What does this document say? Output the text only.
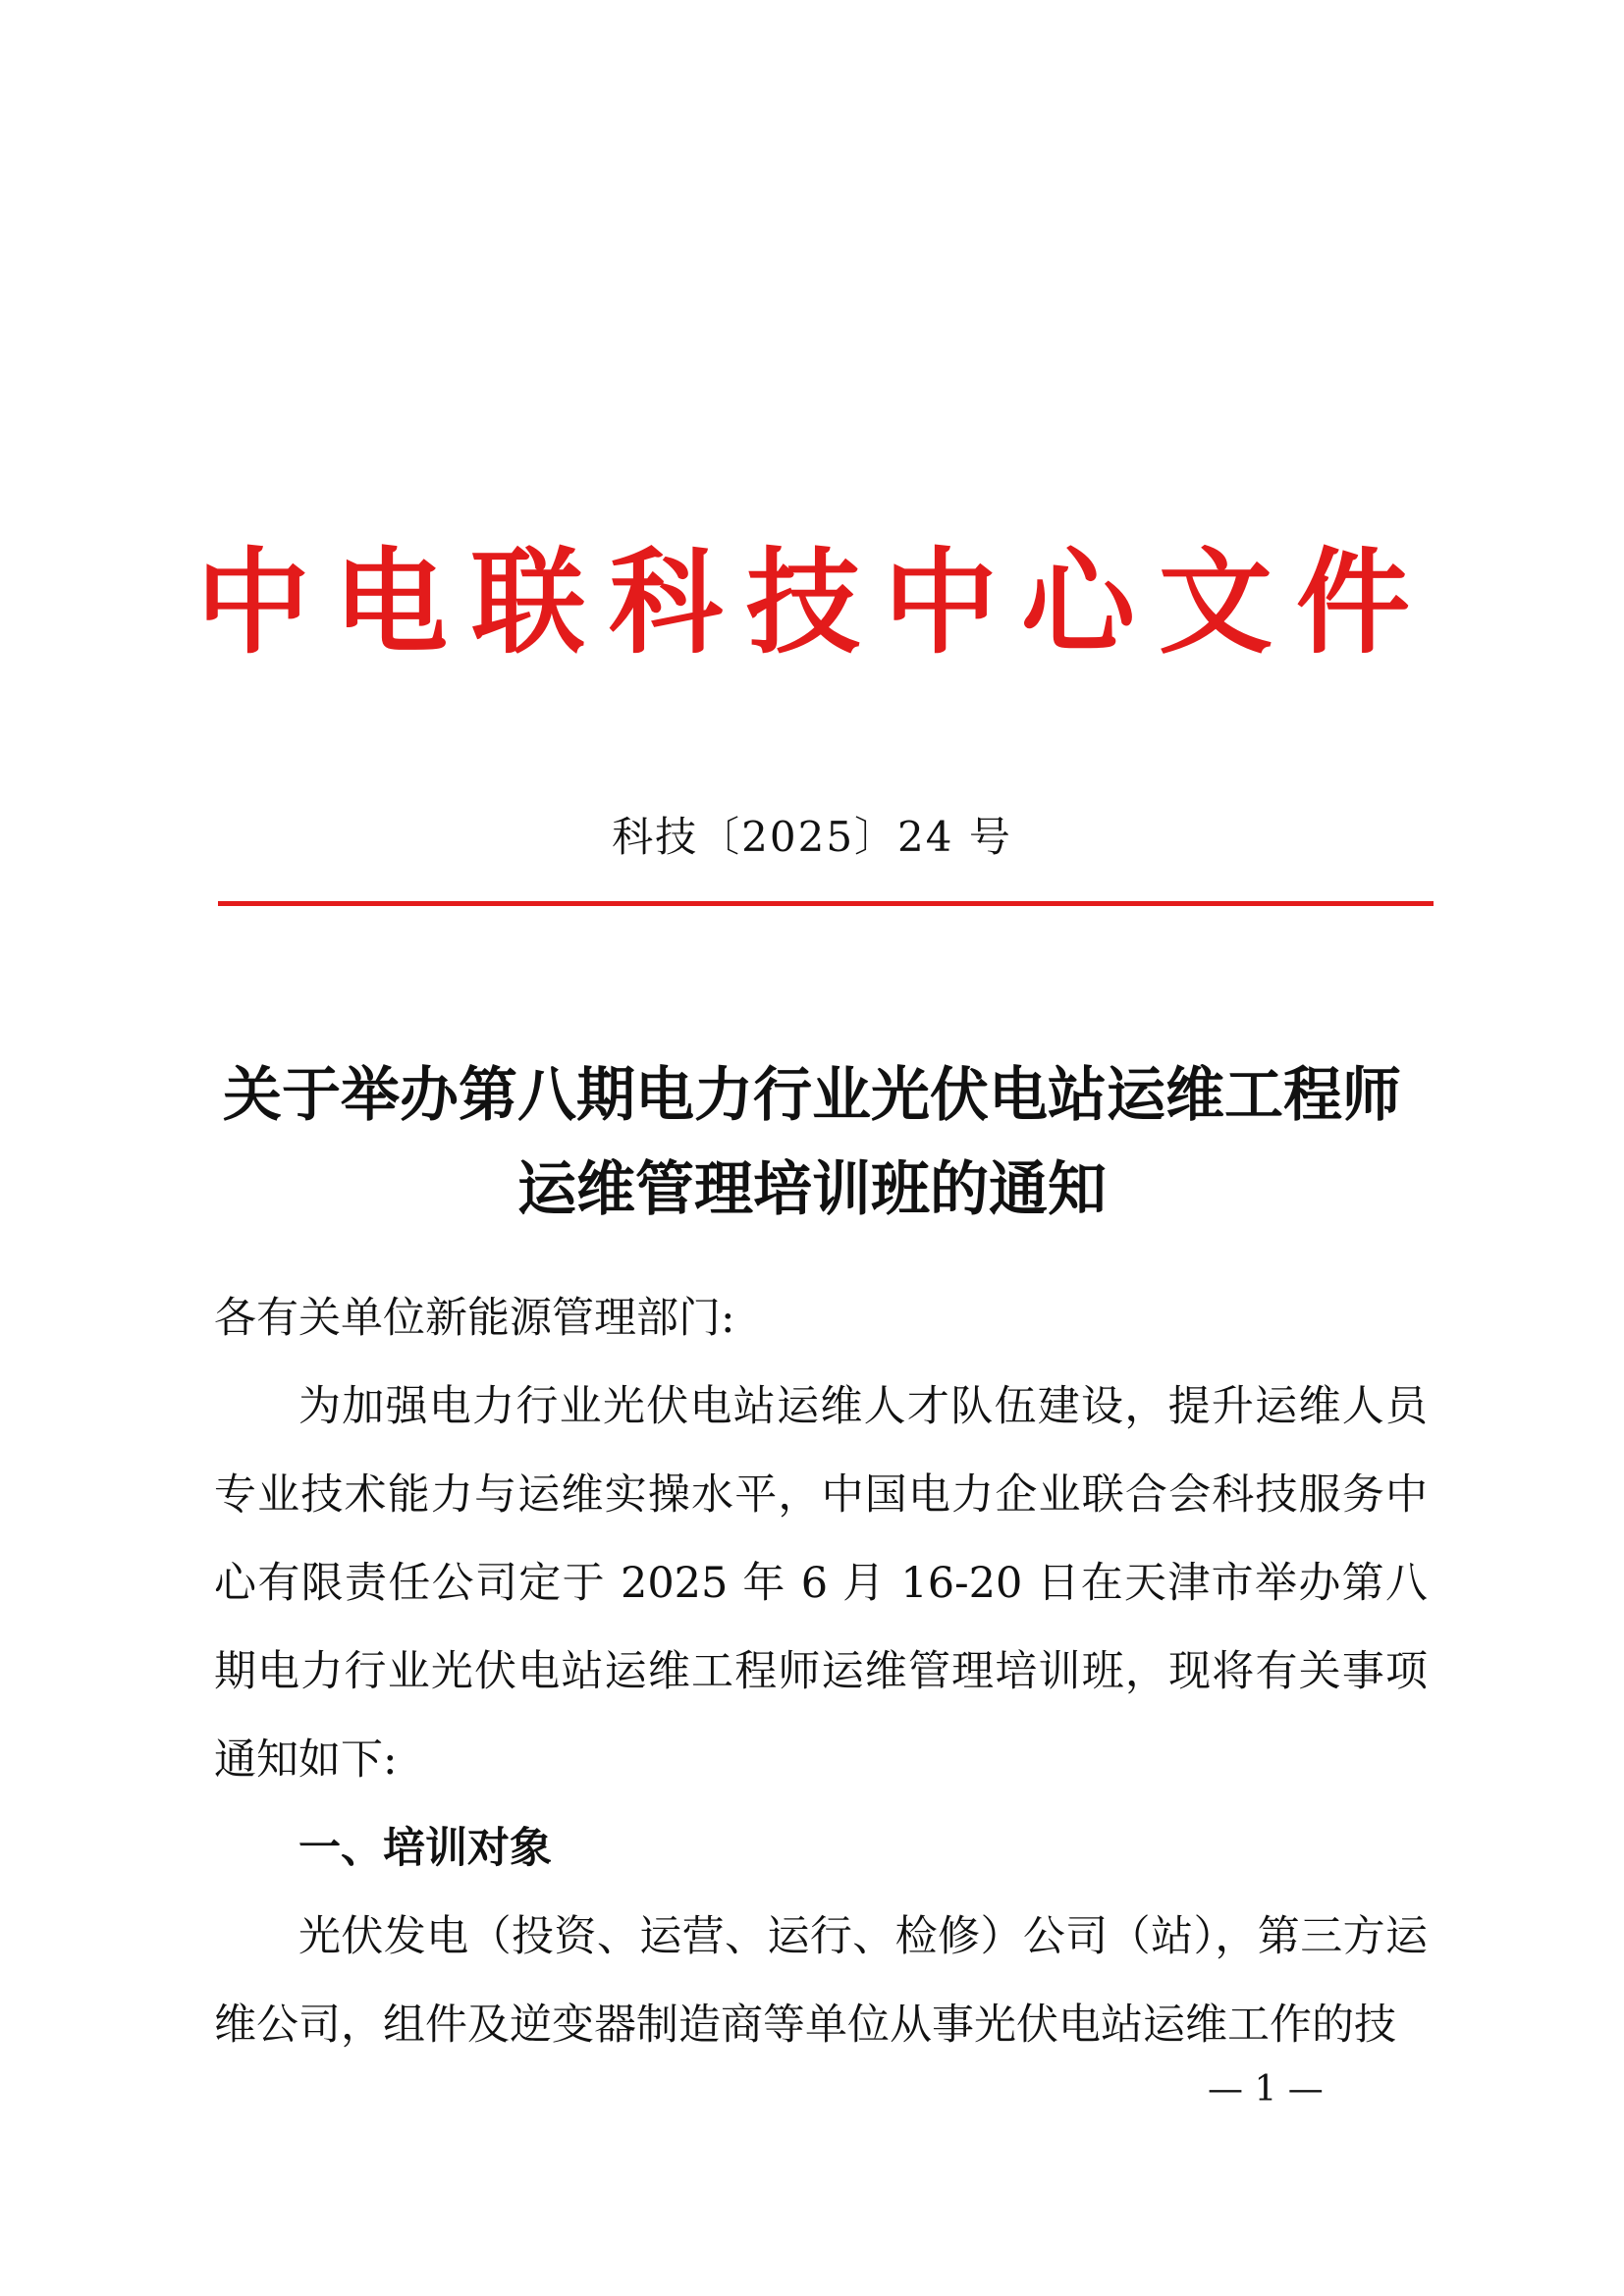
中电联科技中心文件
科技〔2025〕24 号
关于举办第八期电力行业光伏电站运维工程师
运维管理培训班的通知

各有关单位新能源管理部门:

为加强电力行业光伏电站运维人才队伍建设，提升运维人员专业技术能力与运维实操水平，中国电力企业联合会科技服务中心有限责任公司定于 2025 年 6 月 16-20 日在天津市举办第八期电力行业光伏电站运维工程师运维管理培训班，现将有关事项通知如下:

一、培训对象

光伏发电（投资、运营、运行、检修）公司（站），第三方运维公司，组件及逆变器制造商等单位从事光伏电站运维工作的技

— 1 —
